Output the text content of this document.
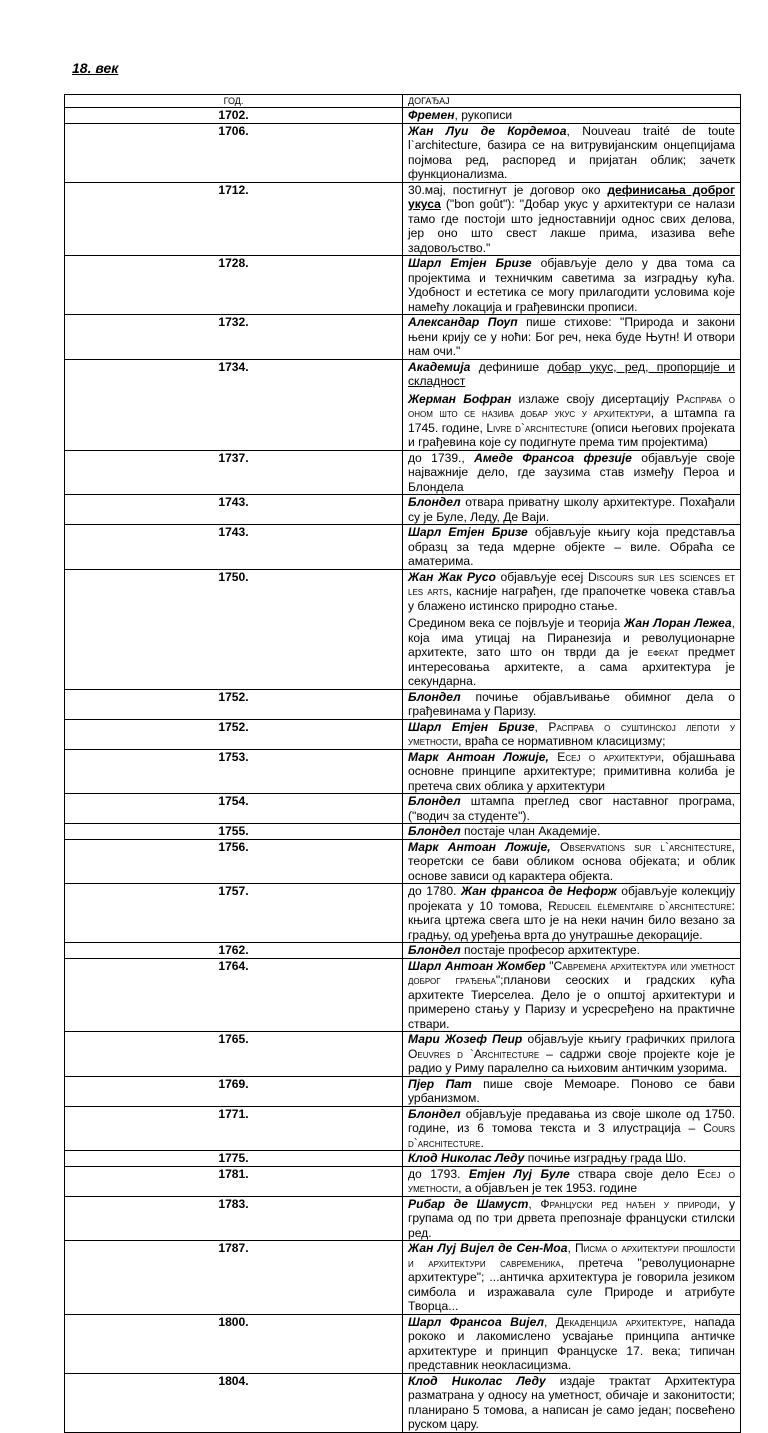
18. век
ГОД.	ДОГАЂАЈ
1702.	Фремен, рукописи

1706.	Жан Луи де Кордемоа, Nouveau traité de toute l`architecture, базира се на витрувијанским онцепцијама појмова ред, распоред и пријатан облик; зачетк функционализма.

1712.	30.мај, постигнут је договор око дефинисања доброг укуса ("bon goût"): "Добар укус у архитектури се налази тамо где постоји што једноставнији однос свих делова, јер оно што свест лакше прима, изазива веће задовољство."

1728.	Шарл Етјен Бризе објављује дело у два тома са пројектима и техничким саветима за изградњу кућа. Удобност и естетика се могу прилагодити условима које намећу локација и грађевински прописи.

1732.	Александар Поуп пише стихове: "Природа и закони њени крију се у ноћи: Бог реч, нека буде Њутн! И отвори нам очи."

1734.	Академија дефинише добар укус, ред, пропорције и складност

Жерман Бофран излаже своју дисертацију Расправа о оном што се назива добар укус у архитектури, а штампа га 1745. године, Livre d`architecture (описи његових пројеката и грађевина које су подигнуте према тим пројектима)

1737.	до 1739., Амеде Франсоа фрезије објављује своје најважније дело, где заузима став између Пероа и Блондела

1743.	Блондел отвара приватну школу архитектуре. Похађали су је Буле, Леду, Де Ваји.

1743.	Шарл Етјен Бризе објављује књигу која представља образц за теда мдерне објекте – виле. Обраћа се аматерима.

1750.	Жан Жак Русо објављује есеј Discours sur les sciences et les arts, касније награђен, где прапочетке човека ставља у блажено истинско природно стање.

Средином века се појвљује и теорија Жан Лоран Лежеа, која има утицај на Пиранезија и револуционарне архитекте, зато што он тврди да је ефекат предмет интересовања архитекте, а сама архитектура је секундарна.

1752.	Блондел почиње објављивање обимног дела о грађевинама у Паризу.

1752.	Шарл Етјен Бризе, Расправа о суштинској лепоти у уметности, враћа се нормативном класицизму;

1753.	Марк Антоан Ложије, Есеј о архитектури, објашњава основне принципе архитектуре; примитивна колиба је претеча свих облика у архитектури

1754.	Блондел штампа преглед свог наставног програма, ("водич за студенте").

1755.	Блондел постаје члан Академије.

1756.	Марк Антоан Ложије, Observations sur l`architecture, теоретски се бави обликом основа објеката; и облик основе зависи од карактера објекта.

1757.	до 1780. Жан франсоа де Нефорж објављује колекцију пројеката у 10 томова, Reduceil élémentaire d`architecture: књига цртежа свега што је на неки начин било везано за градњу, од уређења врта до унутрашње декорације.

1762.	Блондел постаје професор архитектуре.

1764.	Шарл Антоан Жомбер "Савремена архитектура или уметност доброг грађења";планови сеоских и градских кућа архитекте Тиерселеа. Дело је о општој архитектури и примерено стању у Паризу и усресређено на практичне ствари.

1765.	Мари Жозеф Пеир објављује књигу графичких прилога Oeuvres d `Architecture – садржи своје пројекте које је радио у Риму паралелно са њиховим античким узорима.

1769.	Пјер Пат пише своје Мемоаре. Поново се бави урбанизмом.

1771.	Блондел објављује предавања из своје школе од 1750. године, из 6 томова текста и 3 илустрација – Cours d`architecture.

1775.	Клод Николас Леду почиње изградњу града Шо.

1781.	до 1793. Етјен Луј Буле ствара своје дело Есеј о уметности, а објављен је тек 1953. године

1783.	Рибар де Шамуст, Француски ред нађен у природи, у групама од по три дрвета препознаје француски стилски ред.

1787.	Жан Луј Вијел де Сен-Моа, Писма о архитектури прошлости и архитектури савременика, претеча "револуционарне архитектуре"; ...античка архитектура је говорила језиком симбола и изражавала суле Природе и атрибуте Творца...

1800.	Шарл Франсоа Вијел, Декаденција архитектуре, напада рококо и лакомислено усвајање принципа античке архитектуре и принцип Француске 17. века; типичан представник неокласицизма.

1804.	Клод Николас Леду издаје трактат Архитектура разматрана у односу на уметност, обичаје и законитости; планирано 5 томова, а написан је само један; посвећено руском цару.
